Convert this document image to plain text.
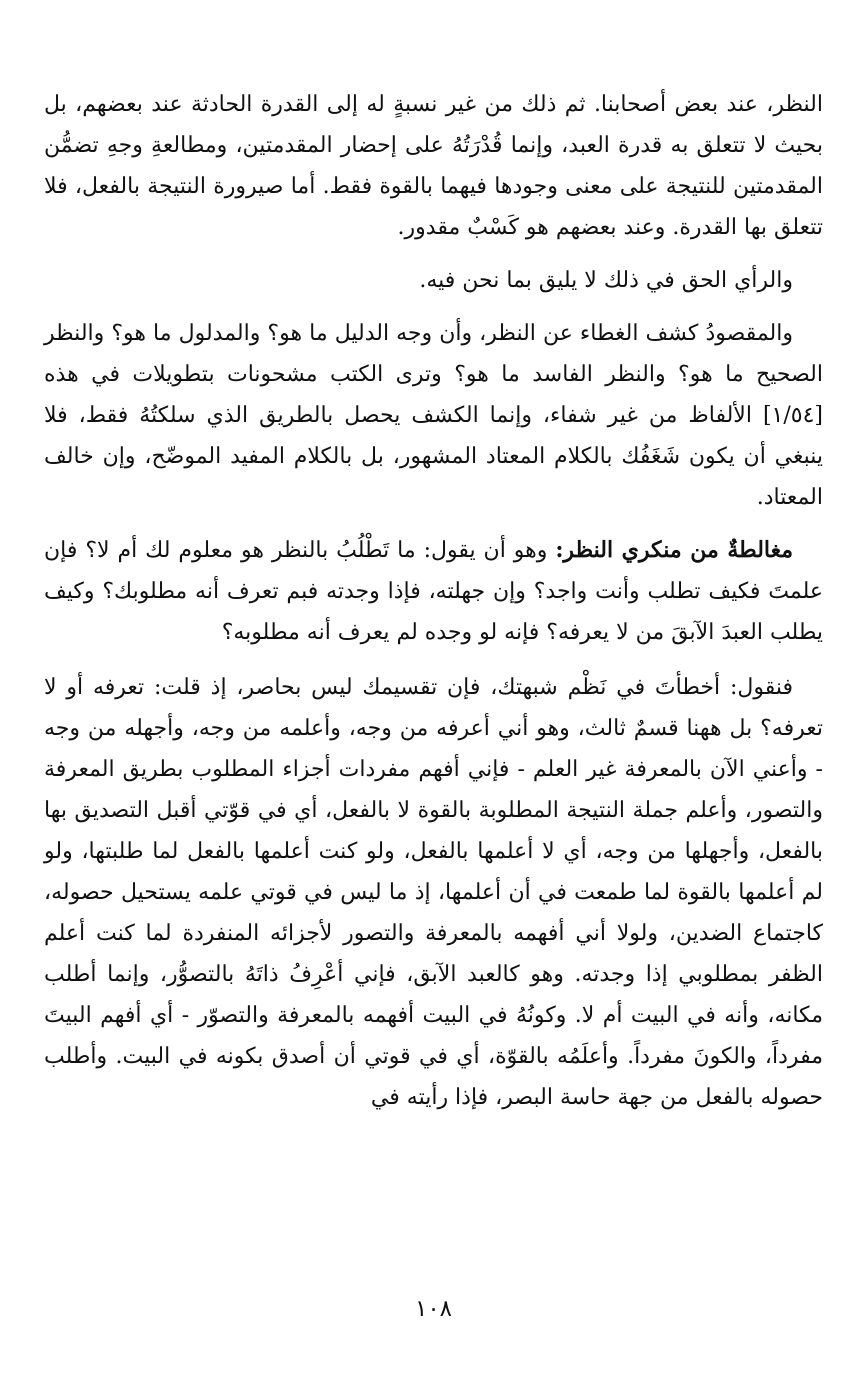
النظر، عند بعض أصحابنا. ثم ذلك من غير نسبةٍ له إلى القدرة الحادثة عند بعضهم، بل بحيث لا تتعلق به قدرة العبد، وإنما قُدْرَتُهُ على إحضار المقدمتين، ومطالعةِ وجهِ تضمُّن المقدمتين للنتيجة على معنى وجودها فيهما بالقوة فقط. أما صيرورة النتيجة بالفعل، فلا تتعلق بها القدرة. وعند بعضهم هو كَسْبٌ مقدور.

والرأي الحق في ذلك لا يليق بما نحن فيه.

والمقصودُ كشف الغطاء عن النظر، وأن وجه الدليل ما هو؟ والمدلول ما هو؟ والنظر الصحيح ما هو؟ والنظر الفاسد ما هو؟ وترى الكتب مشحونات بتطويلات في هذه [١/٥٤] الألفاظ من غير شفاء، وإنما الكشف يحصل بالطريق الذي سلكتُهُ فقط، فلا ينبغي أن يكون شَغَفُك بالكلام المعتاد المشهور، بل بالكلام المفيد الموضّح، وإن خالف المعتاد.

مغالطةٌ من منكري النظر: وهو أن يقول: ما تَطْلُبُ بالنظر هو معلوم لك أم لا؟ فإن علمتَ فكيف تطلب وأنت واجد؟ وإن جهلته، فإذا وجدته فبم تعرف أنه مطلوبك؟ وكيف يطلب العبدَ الآبقَ من لا يعرفه؟ فإنه لو وجده لم يعرف أنه مطلوبه؟

فنقول: أخطأتَ في نَظْم شبهتك، فإن تقسيمك ليس بحاصر، إذ قلت: تعرفه أو لا تعرفه؟ بل ههنا قسمٌ ثالث، وهو أني أعرفه من وجه، وأعلمه من وجه، وأجهله من وجه - وأعني الآن بالمعرفة غير العلم - فإني أفهم مفردات أجزاء المطلوب بطريق المعرفة والتصور، وأعلم جملة النتيجة المطلوبة بالقوة لا بالفعل، أي في قوّتي أقبل التصديق بها بالفعل، وأجهلها من وجه، أي لا أعلمها بالفعل، ولو كنت أعلمها بالفعل لما طلبتها، ولو لم أعلمها بالقوة لما طمعت في أن أعلمها، إذ ما ليس في قوتي علمه يستحيل حصوله، كاجتماع الضدين، ولولا أني أفهمه بالمعرفة والتصور لأجزائه المنفردة لما كنت أعلم الظفر بمطلوبي إذا وجدته. وهو كالعبد الآبق، فإني أعْرِفُ ذاتَهُ بالتصوُّر، وإنما أطلب مكانه، وأنه في البيت أم لا. وكونُهُ في البيت أفهمه بالمعرفة والتصوّر - أي أفهم البيتَ مفرداً، والكونَ مفرداً. وأعلَمُه بالقوّة، أي في قوتي أن أصدق بكونه في البيت. وأطلب حصوله بالفعل من جهة حاسة البصر، فإذا رأيته في

١٠٨
